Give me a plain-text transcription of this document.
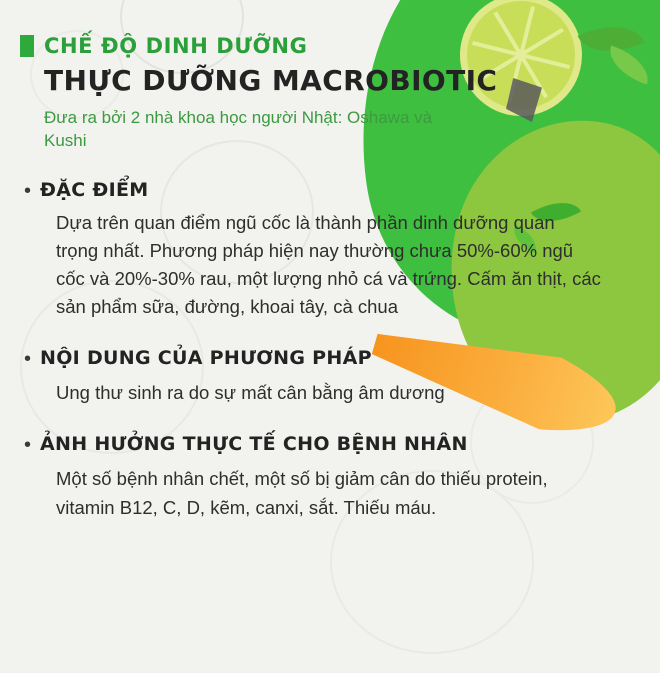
CHẾ ĐỘ DINH DƯỠNG
THỰC DƯỠNG MACROBIOTIC
Đưa ra bởi 2 nhà khoa học người Nhật: Oshawa và Kushi
• ĐẶC ĐIỂM

Dựa trên quan điểm ngũ cốc là thành phần dinh dưỡng quan trọng nhất. Phương pháp hiện nay thường chưa 50%-60% ngũ cốc và 20%-30% rau, một lượng nhỏ cá và trứng. Cấm ăn thịt, các sản phẩm sữa, đường, khoai tây, cà chua

• NỘI DUNG CỦA PHƯƠNG PHÁP

Ung thư sinh ra do sự mất cân bằng âm dương

• ẢNH HƯỞNG THỰC TẾ CHO BỆNH NHÂN

Một số bệnh nhân chết, một số bị giảm cân do thiếu protein, vitamin B12, C, D, kẽm, canxi, sắt. Thiếu máu.
